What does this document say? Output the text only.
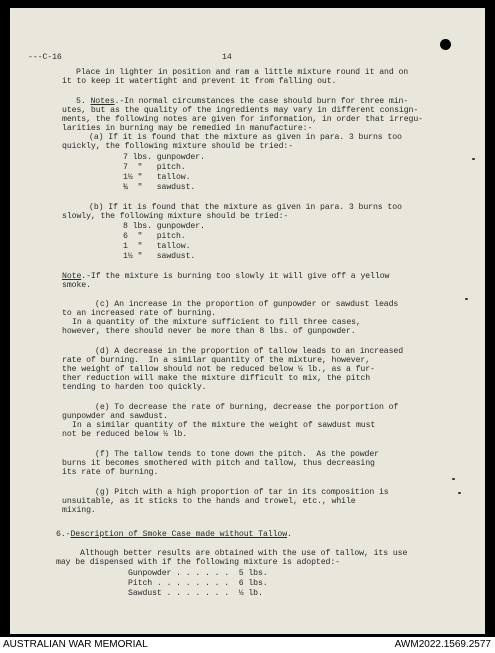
---C-16	14
Place in lighter in position and ram a little mixture round it and on
it to keep it watertight and prevent it from falling out.
5. Notes.-In normal circumstances the case should burn for three min-
utes, but as the quality of the ingredients may vary in different consign-
ments, the following notes are given for information, in order that irregu-
larities in burning may be remedied in manufacture:-
(a) If it is found that the mixture as given in para. 3 burns too
quickly, the following mixture should be tried:-
7 lbs. gunpowder.
7  "   pitch.
1½ "   tallow.
¾  "   sawdust.
(b) If it is found that the mixture as given in para. 3 burns too
slowly, the following mixture should be tried:-
8 lbs. gunpowder.
6  "   pitch.
1  "   tallow.
1½ "   sawdust.
Note.-If the mixture is burning too slowly it will give off a yellow
smoke.
(c) An increase in the proportion of gunpowder or sawdust leads
to an increased rate of burning.
In a quantity of the mixture sufficient to fill three cases,
however, there should never be more than 8 lbs. of gunpowder.
(d) A decrease in the proportion of tallow leads to an increased
rate of burning.  In a similar quantity of the mixture, however,
the weight of tallow should not be reduced below ½ lb., as a fur-
ther reduction will make the mixture difficult to mix, the pitch
tending to harden too quickly.
(e) To decrease the rate of burning, decrease the porportion of
gunpowder and sawdust.
In a similar quantity of the mixture the weight of sawdust must
not be reduced below ½ lb.
(f) The tallow tends to tone down the pitch.  As the powder
burns it becomes smothered with pitch and tallow, thus decreasing
its rate of burning.
(g) Pitch with a high proportion of tar in its composition is
unsuitable, as it sticks to the hands and trowel, etc., while
mixing.
6.-Description of Smoke Case made without Tallow.
Although better results are obtained with the use of tallow, its use
may be dispensed with if the following mixture is adopted:-
Gunpowder . . . . . .  5 lbs.
Pitch . . . . . . . .  6 lbs.
Sawdust . . . . . . .  ½ lb.
AUSTRALIAN WAR MEMORIAL	AWM2022.1569.2577
